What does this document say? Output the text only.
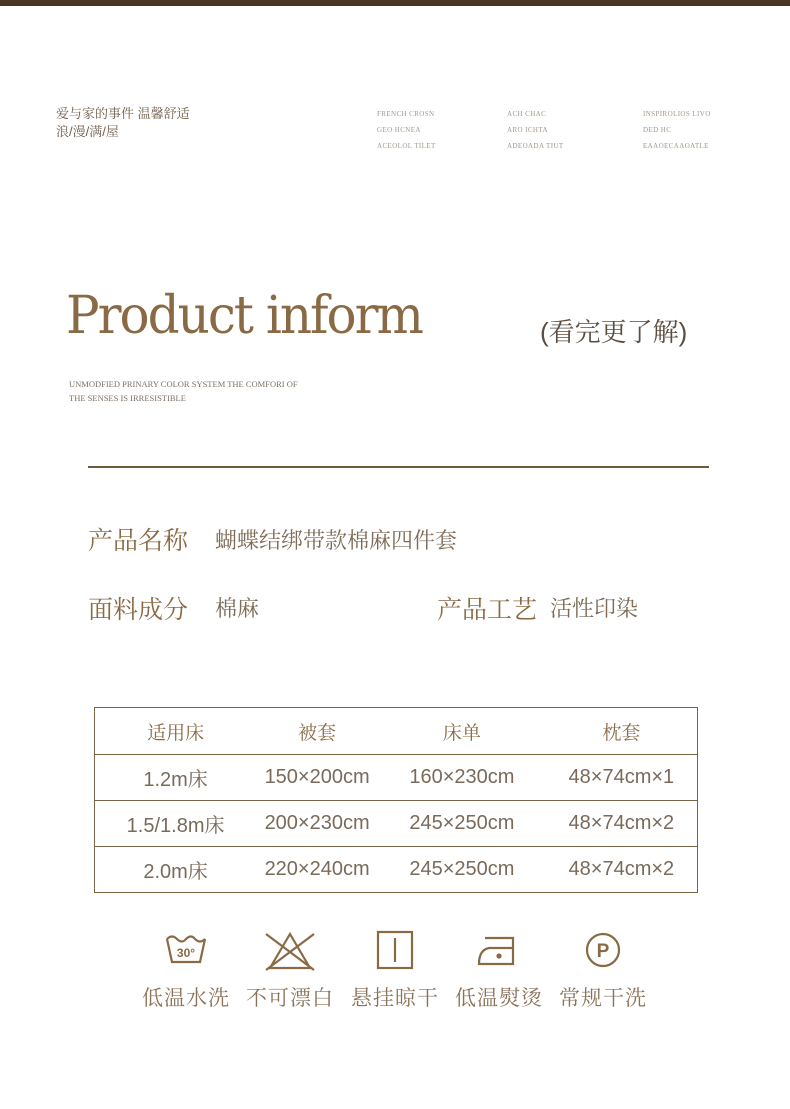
爱与家的事件 温馨舒适
浪/漫/满/屋
FRENCH CROSN
GEO HCNEA
ACEOLOL TILET
ACH CHAC
ARO ICHTA
ADEOADA TIUT
INSPIROLIOS LIVO
DED HC
EAAOECAAOATLE
Product inform	(看完更了解)
UNMODFIED PRINARY COLOR SYSTEM THE COMFORI OF
THE SENSES IS IRRESISTIBLE
产品名称 蝴蝶结绑带款棉麻四件套
面料成分 棉麻	产品工艺 活性印染
适用床	被套	床单	枕套
1.2m床	150×200cm	160×230cm	48×74cm×1
1.5/1.8m床	200×230cm	245×250cm	48×74cm×2
2.0m床	220×240cm	245×250cm	48×74cm×2
30°
低温水洗 不可漂白 悬挂晾干 低温熨烫
P
常规干洗
